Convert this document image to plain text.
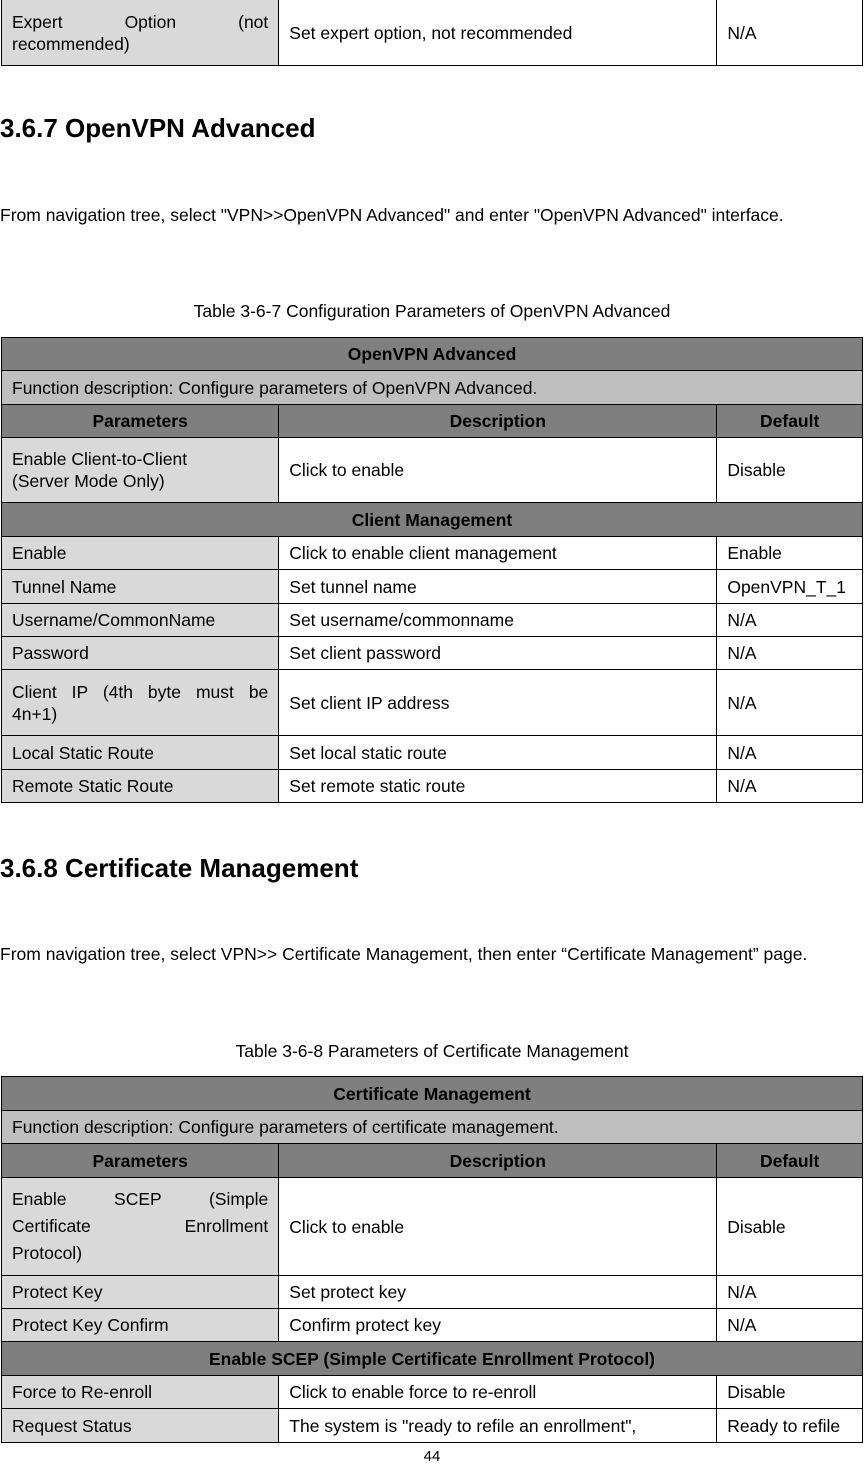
Expert Option (not
recommended)	Set expert option, not recommended	N/A
3.6.7 OpenVPN Advanced

From navigation tree, select "VPN>>OpenVPN Advanced" and enter "OpenVPN Advanced" interface.

Table 3-6-7 Configuration Parameters of OpenVPN Advanced

OpenVPN Advanced		
Function description: Configure parameters of OpenVPN Advanced.		
Parameters	Description	Default

Enable Client-to-Client
(Server Mode Only)	Click to enable	Disable
Client Management		
Enable	Click to enable client management	Enable
Tunnel Name	Set tunnel name	OpenVPN_T_1
Username/CommonName	Set username/commonname	N/A
Password	Set client password	N/A

Client IP (4th byte must be
4n+1)	Set client IP address	N/A
Local Static Route	Set local static route	N/A
Remote Static Route	Set remote static route	N/A
3.6.8 Certificate Management

From navigation tree, select VPN>> Certificate Management, then enter “Certificate Management” page.

Table 3-6-8 Parameters of Certificate Management

Certificate Management		
Function description: Configure parameters of certificate management.		
Parameters	Description	Default

Enable SCEP (Simple
Certificate Enrollment
Protocol)	Click to enable	Disable
Protect Key	Set protect key	N/A
Protect Key Confirm	Confirm protect key	N/A
Enable SCEP (Simple Certificate Enrollment Protocol)		
Force to Re-enroll	Click to enable force to re-enroll	Disable
Request Status	The system is "ready to refile an enrollment",	Ready to refile
44
